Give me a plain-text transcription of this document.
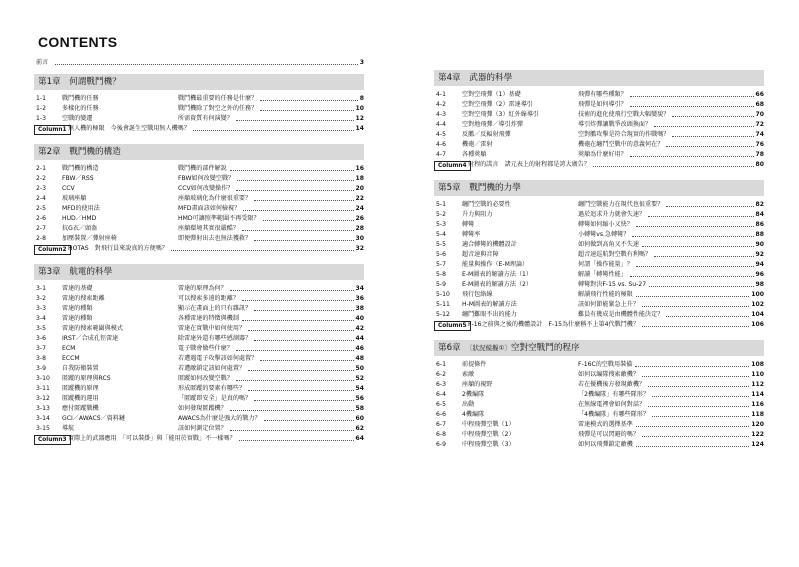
CONTENTS
前言	3
第1章　何謂戰鬥機？
1-1	戰鬥機的任務	戰鬥機最重要的任務是什麼？	8
1-2	多樣化的任務	戰鬥機除了對空之外的任務？	10
1-3	空戰的變遷	所需資質有何演變？	12
Column1 無人機的極限　今後會誕生空戰用無人機嗎？	14
第2章　戰鬥機的構造
2-1	戰鬥機的構造	戰鬥機的部件解說	16
2-2	FBW／RSS	FBW如何改變空戰？	18
2-3	CCV	CCV如何改變操作？	20
2-4	玻璃座艙	座艙玻璃化為什麼很重要？	22
2-5	MFD的使用法	MFD畫面該如何檢視？	24
2-6	HUD／HMD	HMD可讓照準範圍不再受限？	26
2-7	抗G衣／頭盔	座艙環境其實很嚴酷？	28
2-8	加壓裝置／彈射座椅	即便彈射出去也無法獲救？	30
Column2 HOTAS　對飛行員來說真的方便嗎？	32
第3章　航電的科學
3-1	雷達的基礎	雷達的原理為何？	34
3-2	雷達的搜索距離	可以搜索多遠的距離？	36
3-3	雷達的種類	顯示在畫面上的只有雜訊？	38
3-4	雷達的種類	各種雷達的特徵與機制	40
3-5	雷達的搜索範圍與模式	雷達在實戰中如何使用？	42
3-6	IRST／合成孔徑雷達	除雷達外還有哪些感測器？	44
3-7	ECM	電子戰會做些什麼？	46
3-8	ECCM	若遭遇電子攻擊該如何處置？	48
3-9	自我防衛裝置	若遭敵鎖定該如何處置？	50
3-10	匿蹤的原理與RCS	匿蹤如何改變空戰？	52
3-11	匿蹤機的原理	形成匿蹤的要素有哪些？	54
3-12	匿蹤機的運用	「匿蹤即安全」是真的嗎？	56
3-13	應付匿蹤戰機	如何發現匿蹤機？	58
3-14	GCI／AWACS／資料鏈	AWACS為什麼是強大的戰力？	60
3-15	導航	該如何測定位置？	62
Column3 實際上的武器應用　「可以裝掛」與「能用於實戰」不一樣嗎？	64
第4章　武器的科學
4-1	空對空飛彈（1）基礎	飛彈有哪些種類？	66
4-2	空對空飛彈（2）雷達導引	飛彈是如何導引？	68
4-3	空對空飛彈（3）紅外線導引	技術的進化使飛行空戰大幅變貌？	70
4-4	空對地飛彈／導引炸彈	導引炸彈讓戰爭改頭換面？	72
4-5	反艦／反輻射飛彈	空對艦攻擊是符合現實的作戰嗎？	74
4-6	機砲／雷射	機砲在纏鬥空戰中的意義何在？	76
4-7	各種莢艙	莢艙為什麼好用？	78
Column4 射程的謊言　諸元表上的射程都是誇大廣告？	80
第5章　戰鬥機的力學
5-1	纏鬥空戰的必要性	纏鬥空戰能力在現代也很重要？	82
5-2	升力與阻力	過於追求升力就會失速？	84
5-3	轉彎	轉彎如何縮小又快？	86
5-4	轉彎率	小轉彎vs.急轉彎？	88
5-5	適合轉彎的機體設計	如何做到高角又不失速	90
5-6	超音速與音障	超音速巡航對空戰有利嗎？	92
5-7	能量與操作（E-M理論）	何謂「操作能量」？	94
5-8	E-M圖表的解讀方法（1）	解讀「轉彎性能」	96
5-9	E-M圖表的解讀方法（2）	轉彎對決F-15 vs. Su-27	98
5-10	飛行包絡線	解讀飛行性能的極限	100
5-11	H-M圖表的解讀方法	該如何節能緊急上升？	102
5-12	纏鬥難眼不出的能力	難員有幾成是由機體性能決定？	104
Column5 F-16之前與之後的機體設計　F-15為什麼稱不上第4代戰鬥機？	106
第6章　 〔狀況模擬①〕空對空戰鬥的程序
6-1	前提條件	F-16C的空戰用裝備	108
6-2	索敵	如何以編隊搜索敵機？	110
6-3	座艙的視野	若在優機後方發現敵機？	112
6-4	2機編隊	「2機編隊」有哪些隊形？	114
6-5	出動	在無線電裡會如何對話？	116
6-6	4機編隊	「4機編隊」有哪些隊形？	118
6-7	中程飛彈空戰（1）	雷達模式的選擇基準	120
6-8	中程飛彈空戰（2）	飛彈是可以閃避的嗎？	122
6-9	中程飛彈空戰（3）	如何以飛彈鎖定敵機	124
